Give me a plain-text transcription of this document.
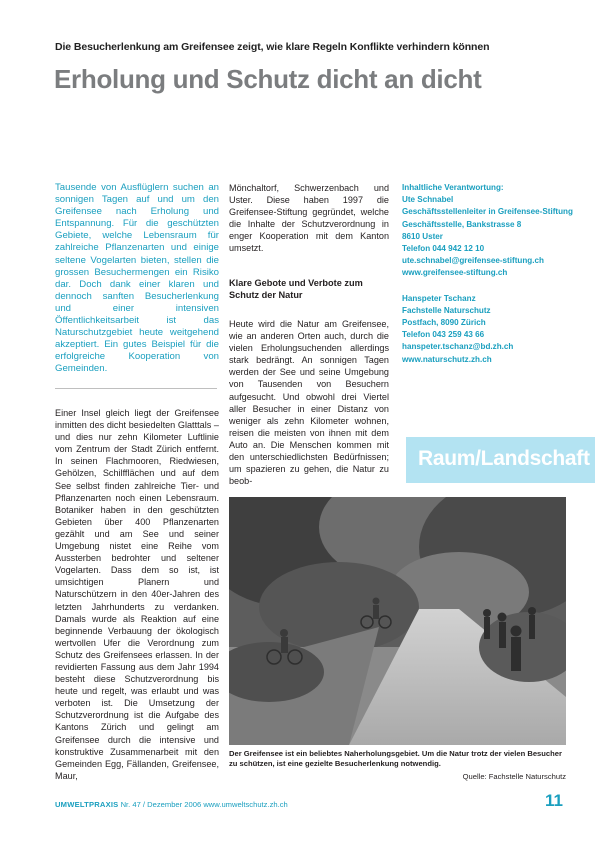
Die Besucherlenkung am Greifensee zeigt, wie klare Regeln Konflikte verhindern können
Erholung und Schutz dicht an dicht
Tausende von Ausflüglern suchen an sonnigen Tagen auf und um den Greifensee nach Erholung und Entspannung. Für die geschützten Gebiete, welche Lebensraum für zahlreiche Pflanzenarten und einige seltene Vogelarten bieten, stellen die grossen Besuchermengen ein Risiko dar. Doch dank einer klaren und dennoch sanften Besucherlenkung und einer intensiven Öffentlichkeitsarbeit ist das Naturschutzgebiet heute weitgehend akzeptiert. Ein gutes Beispiel für die erfolgreiche Kooperation von Gemeinden.
Einer Insel gleich liegt der Greifensee inmitten des dicht besiedelten Glatttals – und dies nur zehn Kilometer Luftlinie vom Zentrum der Stadt Zürich entfernt. In seinen Flachmooren, Riedwiesen, Gehölzen, Schilfflächen und auf dem See selbst finden zahlreiche Tier- und Pflanzenarten noch einen Lebensraum. Botaniker haben in den geschützten Gebieten über 400 Pflanzenarten gezählt und am See und seiner Umgebung nistet eine Reihe vom Aussterben bedrohter und seltener Vogelarten. Dass dem so ist, ist umsichtigen Planern und Naturschützern in den 40er-Jahren des letzten Jahrhunderts zu verdanken. Damals wurde als Reaktion auf eine beginnende Verbauung der ökologisch wertvollen Ufer die Verordnung zum Schutz des Greifensees erlassen. In der revidierten Fassung aus dem Jahr 1994 besteht diese Schutzverordnung bis heute und regelt, was erlaubt und was verboten ist. Die Umsetzung der Schutzverordnung ist die Aufgabe des Kantons Zürich und gelingt am Greifensee durch die intensive und konstruktive Zusammenarbeit mit den Gemeinden Egg, Fällanden, Greifensee, Maur,
Mönchaltorf, Schwerzenbach und Uster. Diese haben 1997 die Greifensee-Stiftung gegründet, welche die Inhalte der Schutzverordnung in enger Kooperation mit dem Kanton umsetzt.
Klare Gebote und Verbote zum Schutz der Natur
Heute wird die Natur am Greifensee, wie an anderen Orten auch, durch die vielen Erholungsuchenden allerdings stark bedrängt. An sonnigen Tagen werden der See und seine Umgebung von Tausenden von Besuchern aufgesucht. Und obwohl drei Viertel aller Besucher in einer Distanz von weniger als zehn Kilometer wohnen, reisen die meisten von ihnen mit dem Auto an. Die Menschen kommen mit den unterschiedlichsten Bedürfnissen; um spazieren zu gehen, die Natur zu beob-
Inhaltliche Verantwortung:
Ute Schnabel
Geschäftsstellenleiter in Greifensee-Stiftung
Geschäftsstelle, Bankstrasse 8
8610 Uster
Telefon 044 942 12 10
ute.schnabel@greifensee-stiftung.ch
www.greifensee-stiftung.ch
Hanspeter Tschanz
Fachstelle Naturschutz
Postfach, 8090 Zürich
Telefon 043 259 43 66
hanspeter.tschanz@bd.zh.ch
www.naturschutz.zh.ch
Raum/Landschaft
Der Greifensee ist ein beliebtes Naherholungsgebiet. Um die Natur trotz der vielen Besucher zu schützen, ist eine gezielte Besucherlenkung notwendig.
Quelle: Fachstelle Naturschutz
UMWELTPRAXIS Nr. 47 / Dezember 2006 www.umweltschutz.zh.ch	11
